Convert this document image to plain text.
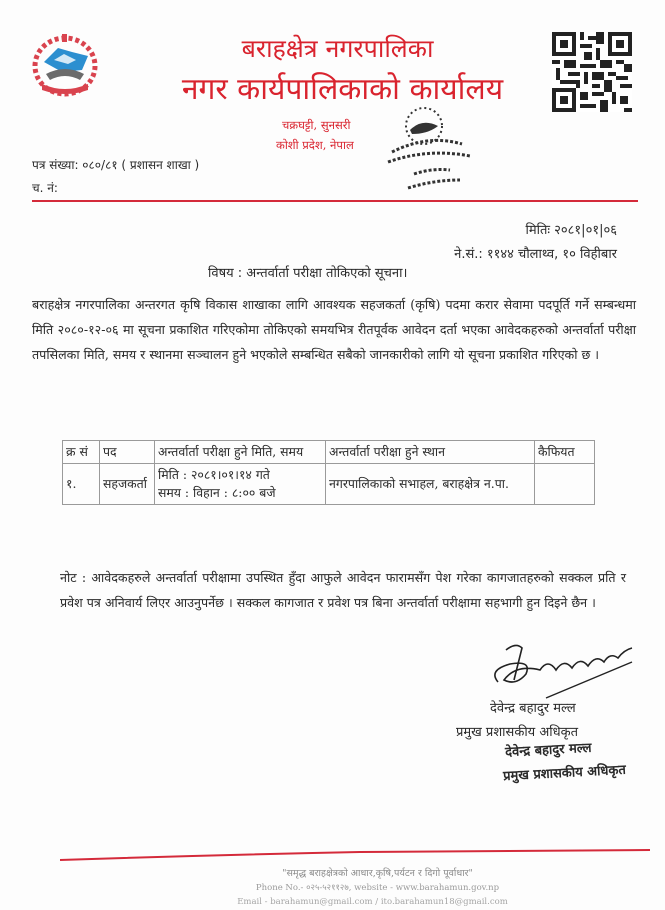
बराहक्षेत्र नगरपालिका
नगर कार्यपालिकाको कार्यालय
चक्रघट्टी, सुनसरी
कोशी प्रदेश, नेपाल
पत्र संख्या: ०८०/८१ ( प्रशासन शाखा )
च. नं:
मितिः २०८१|०१|०६
ने.सं.: ११४४ चौलाथ्व, १० विहीबार
विषय : अन्तर्वार्ता परीक्षा तोकिएको सूचना।
बराहक्षेत्र नगरपालिका अन्तरगत कृषि विकास शाखाका लागि आवश्यक सहजकर्ता (कृषि) पदमा करार सेवामा पदपूर्ति गर्ने सम्बन्धमा मिति २०८०-१२-०६ मा सूचना प्रकाशित गरिएकोमा तोकिएको समयभित्र रीतपूर्वक आवेदन दर्ता भएका आवेदकहरुको अन्तर्वार्ता परीक्षा तपसिलका मिति, समय र स्थानमा सञ्चालन हुने भएकोले सम्बन्धित सबैको जानकारीको लागि यो सूचना प्रकाशित गरिएको छ ।
क्र सं	पद	अन्तर्वार्ता परीक्षा हुने मिति, समय	अन्तर्वार्ता परीक्षा हुने स्थान	कैफियत
१.	सहजकर्ता	मिति : २०८१।०१।१४ गते
समय : विहान : ८:०० बजे	नगरपालिकाको सभाहल, बराहक्षेत्र न.पा.	
नोट : आवेदकहरुले अन्तर्वार्ता परीक्षामा उपस्थित हुँदा आफुले आवेदन फारामसँग पेश गरेका कागजातहरुको सक्कल प्रति र प्रवेश पत्र अनिवार्य लिएर आउनुपर्नेछ । सक्कल कागजात र प्रवेश पत्र बिना अन्तर्वार्ता परीक्षामा सहभागी हुन दिइने छैन ।
देवेन्द्र बहादुर मल्ल
प्रमुख प्रशासकीय अधिकृत
देवेन्द्र बहादुर मल्ल
प्रमुख प्रशासकीय अधिकृत
"समृद्ध बराहक्षेत्रको आधार,कृषि,पर्यटन र दिगो पूर्वाधार"
Phone No.- ०२५-५२११२७, website - www.barahamun.gov.np
Email - barahamun@gmail.com / ito.barahamun18@gmail.com
